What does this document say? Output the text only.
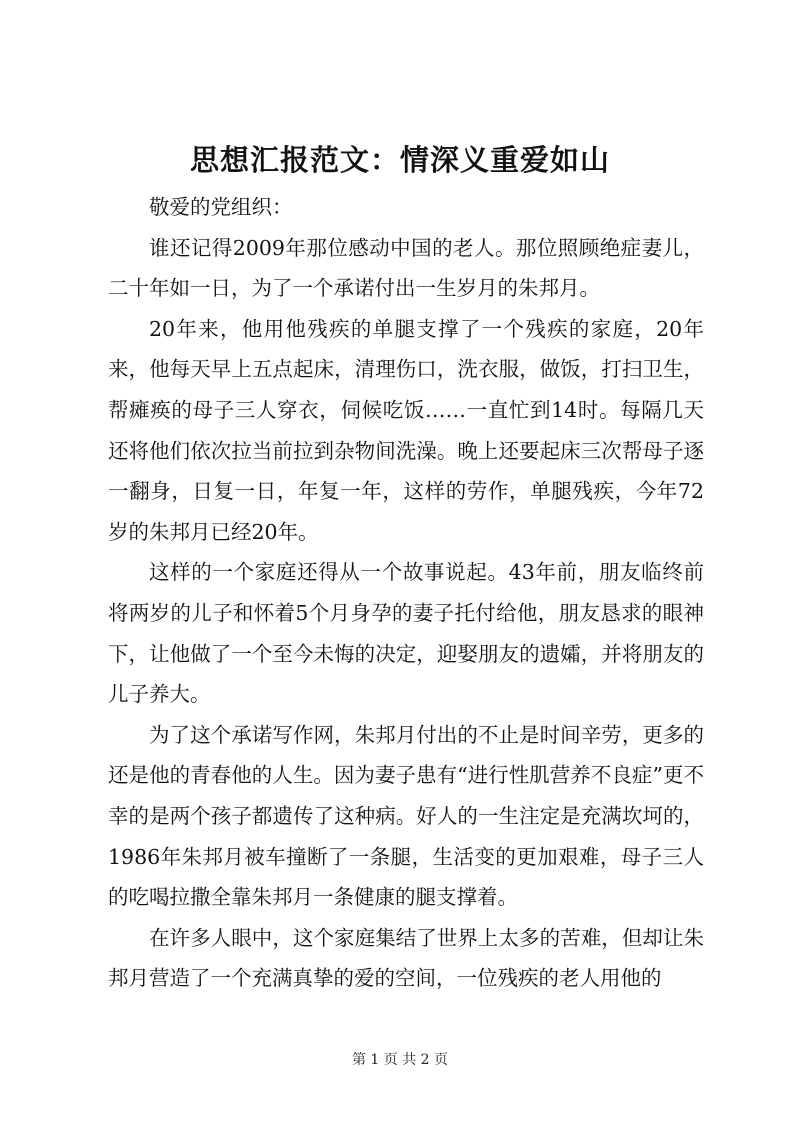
思想汇报范文：情深义重爱如山

敬爱的党组织：

谁还记得2009年那位感动中国的老人。那位照顾绝症妻儿，二十年如一日，为了一个承诺付出一生岁月的朱邦月。

20年来，他用他残疾的单腿支撑了一个残疾的家庭，20年来，他每天早上五点起床，清理伤口，洗衣服，做饭，打扫卫生，帮瘫痪的母子三人穿衣，伺候吃饭……一直忙到14时。每隔几天还将他们依次拉当前拉到杂物间洗澡。晚上还要起床三次帮母子逐一翻身，日复一日，年复一年，这样的劳作，单腿残疾，今年72岁的朱邦月已经20年。

这样的一个家庭还得从一个故事说起。43年前，朋友临终前将两岁的儿子和怀着5个月身孕的妻子托付给他，朋友恳求的眼神下，让他做了一个至今未悔的决定，迎娶朋友的遗孀，并将朋友的儿子养大。

为了这个承诺写作网，朱邦月付出的不止是时间辛劳，更多的还是他的青春他的人生。因为妻子患有“进行性肌营养不良症”更不幸的是两个孩子都遗传了这种病。好人的一生注定是充满坎坷的，1986年朱邦月被车撞断了一条腿，生活变的更加艰难，母子三人的吃喝拉撒全靠朱邦月一条健康的腿支撑着。

在许多人眼中，这个家庭集结了世界上太多的苦难，但却让朱邦月营造了一个充满真挚的爱的空间，一位残疾的老人用他的

第 1 页 共 2 页
